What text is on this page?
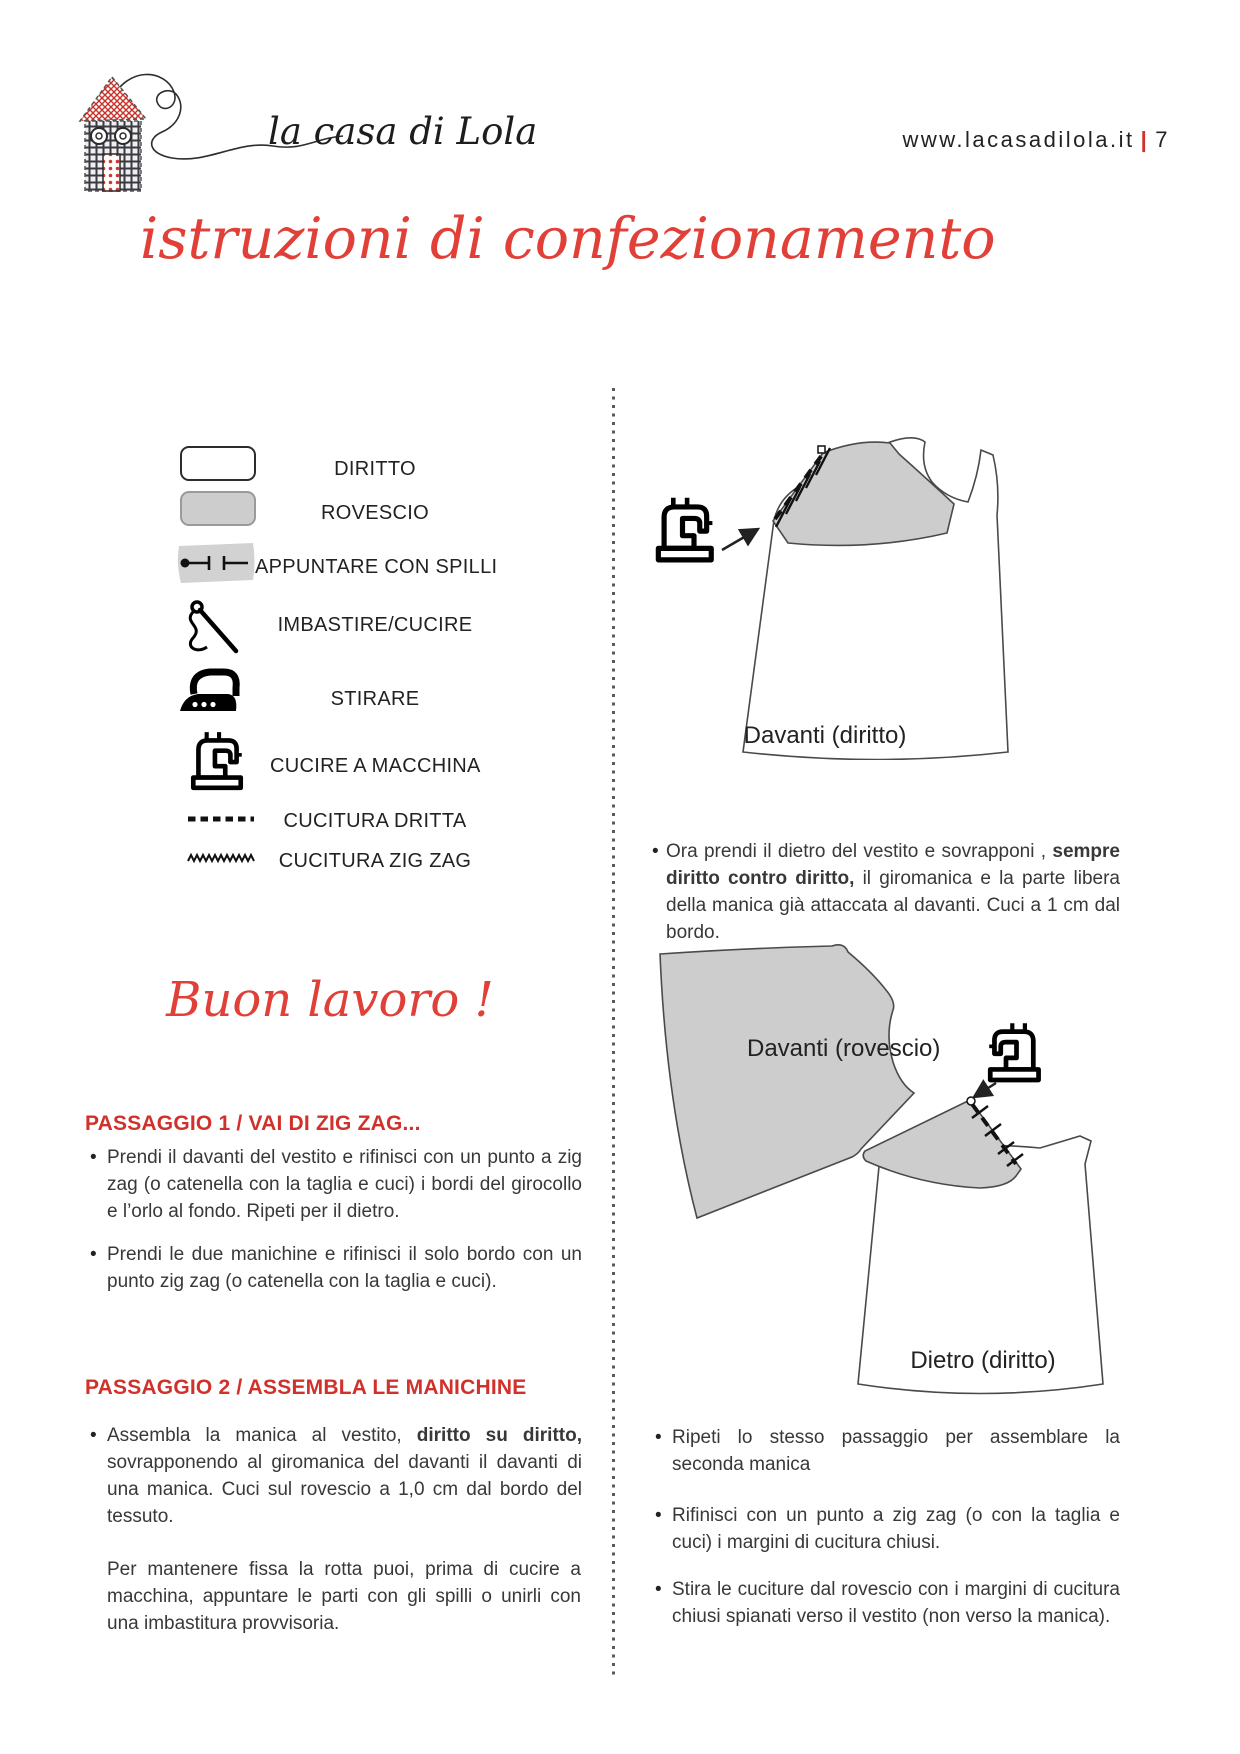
la casa di Lola	www.lacasadilola.it | 7
istruzioni di confezionamento
DIRITTO
ROVESCIO
APPUNTARE CON SPILLI
IMBASTIRE/CUCIRE
STIRARE
CUCIRE A MACCHINA
CUCITURA DRITTA
CUCITURA ZIG ZAG
Buon lavoro !
PASSAGGIO 1 / VAI DI ZIG ZAG...
• Prendi il davanti del vestito e rifinisci con un punto a zig zag (o catenella con la taglia e cuci) i bordi del girocollo e l’orlo al fondo. Ripeti per il dietro.
• Prendi le due manichine e rifinisci il solo bordo con un punto zig zag (o catenella con la taglia e cuci).
PASSAGGIO 2 / ASSEMBLA LE MANICHINE
• Assembla la manica al vestito, diritto su diritto, sovrapponendo al giromanica del davanti il davanti di una manica. Cuci sul rovescio a 1,0 cm dal bordo del tessuto.
Per mantenere fissa la rotta puoi, prima di cucire a macchina, appuntare le parti con gli spilli o unirli con una imbastitura provvisoria.
Davanti (diritto)
• Ora prendi il dietro del vestito e sovrapponi , sempre diritto contro diritto, il giromanica e la parte libera della manica già attaccata al davanti. Cuci a 1 cm dal bordo.
Davanti (rovescio)
Dietro (diritto)
• Ripeti lo stesso passaggio per assemblare la seconda manica
• Rifinisci con un punto a zig zag (o con la taglia e cuci) i margini di cucitura chiusi.
• Stira le cuciture dal rovescio con i margini di cucitura chiusi spianati verso il vestito (non verso la manica).
